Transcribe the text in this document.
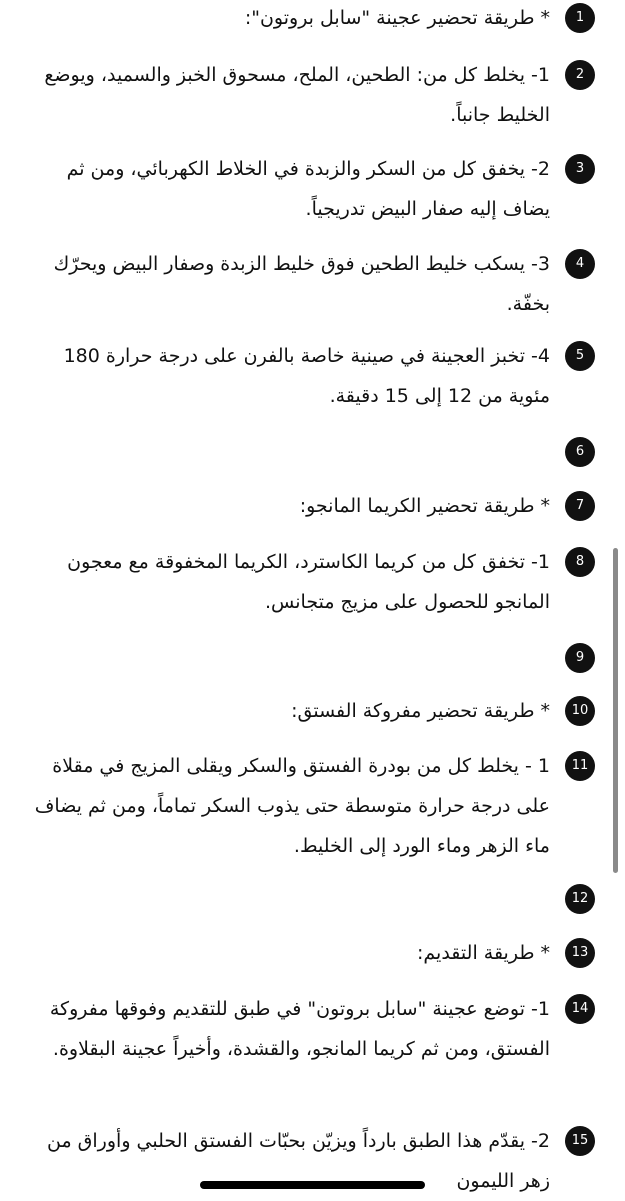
1
* طريقة تحضير عجينة "سابل بروتون":
2
1- يخلط كل من: الطحين، الملح، مسحوق الخبز والسميد، ويوضع الخليط جانباً.
3
2- يخفق كل من السكر والزبدة في الخلاط الكهربائي، ومن ثم يضاف إليه صفار البيض تدريجياً.
4
3- يسكب خليط الطحين فوق خليط الزبدة وصفار البيض ويحرّك بخفّة.
5
4- تخبز العجينة في صينية خاصة بالفرن على درجة حرارة 180 مئوية من 12 إلى 15 دقيقة.
6
7
* طريقة تحضير الكريما المانجو:
8
1- تخفق كل من كريما الكاسترد، الكريما المخفوقة مع معجون المانجو للحصول على مزيج متجانس.
9
10
* طريقة تحضير مفروكة الفستق:
11
1 - يخلط كل من بودرة الفستق والسكر ويقلى المزيج في مقلاة على درجة حرارة متوسطة حتى يذوب السكر تماماً، ومن ثم يضاف ماء الزهر وماء الورد إلى الخليط.
12
13
* طريقة التقديم:
14
1- توضع عجينة "سابل بروتون" في طبق للتقديم وفوقها مفروكة الفستق، ومن ثم كريما المانجو، والقشدة، وأخيراً عجينة البقلاوة.
15
2- يقدّم هذا الطبق بارداً ويزيّن بحبّات الفستق الحلبي وأوراق من زهر الليمون
